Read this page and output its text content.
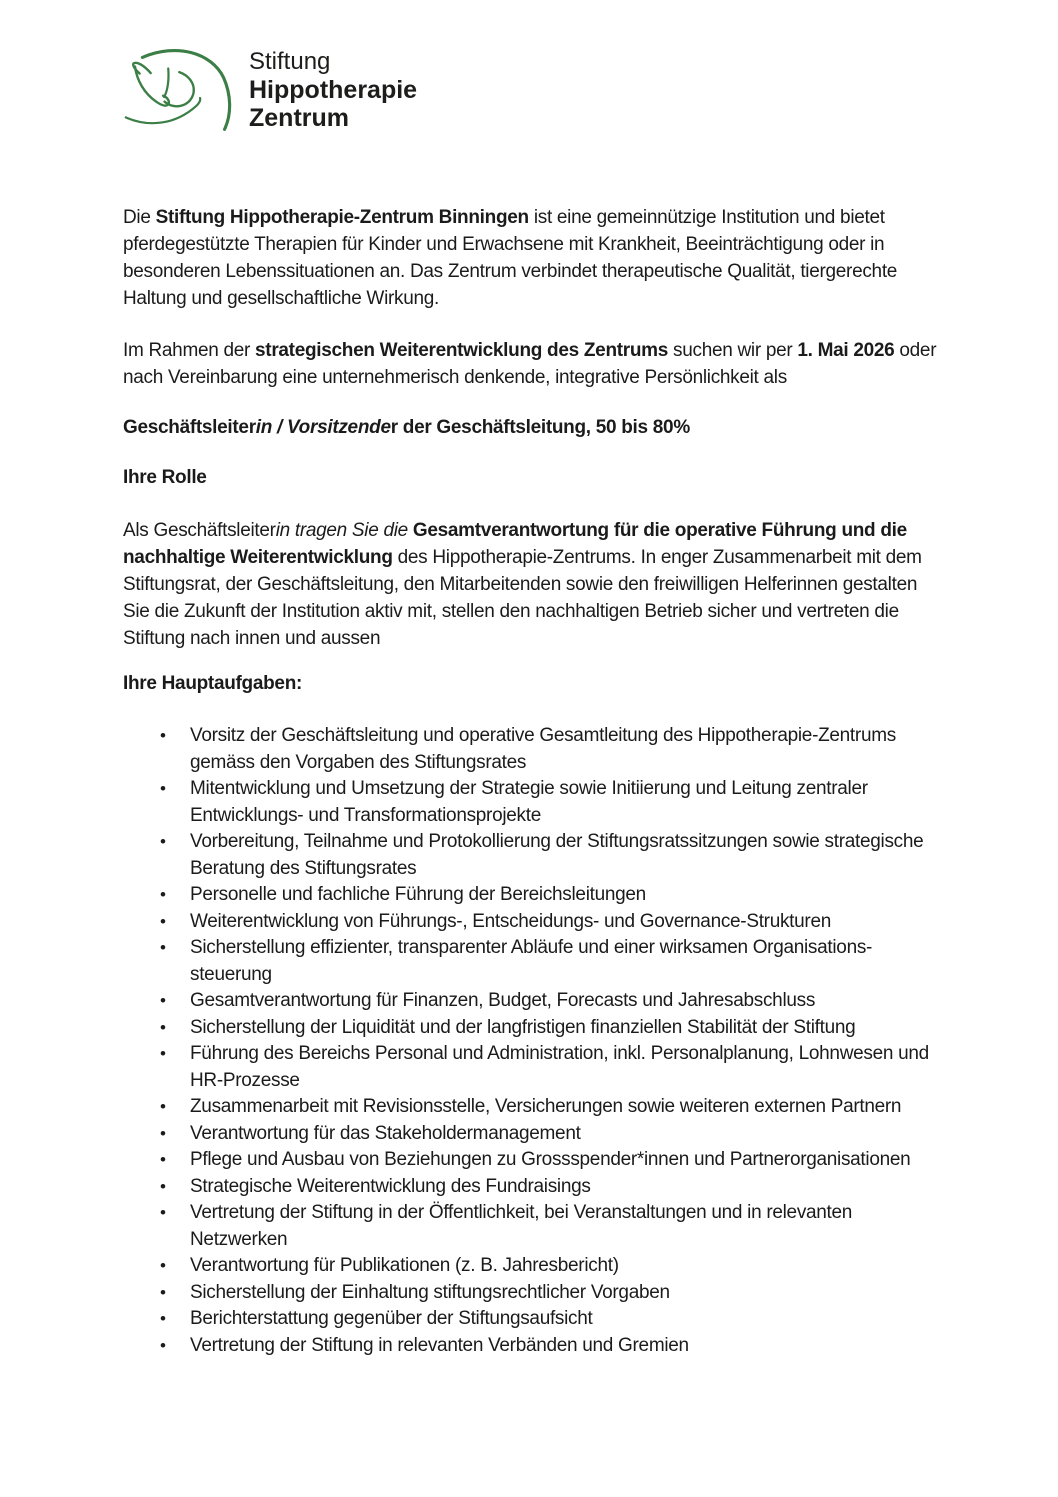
Stiftung
Hippotherapie
Zentrum

Die Stiftung Hippotherapie-Zentrum Binningen ist eine gemeinnützige Institution und bietet pferdegestützte Therapien für Kinder und Erwachsene mit Krankheit, Beeinträchtigung oder in besonderen Lebenssituationen an. Das Zentrum verbindet therapeutische Qualität, tiergerechte Haltung und gesellschaftliche Wirkung.

Im Rahmen der strategischen Weiterentwicklung des Zentrums suchen wir per 1. Mai 2026 oder nach Vereinbarung eine unternehmerisch denkende, integrative Persönlichkeit als

Geschäftsleiterin / Vorsitzender der Geschäftsleitung, 50 bis 80%

Ihre Rolle

Als Geschäftsleiterin tragen Sie die Gesamtverantwortung für die operative Führung und die nachhaltige Weiterentwicklung des Hippotherapie-Zentrums. In enger Zusammenarbeit mit dem Stiftungsrat, der Geschäftsleitung, den Mitarbeitenden sowie den freiwilligen Helferinnen gestalten Sie die Zukunft der Institution aktiv mit, stellen den nachhaltigen Betrieb sicher und vertreten die Stiftung nach innen und aussen

Ihre Hauptaufgaben:
•	Vorsitz der Geschäftsleitung und operative Gesamtleitung des Hippotherapie-Zentrums gemäss den Vorgaben des Stiftungsrates
•	Mitentwicklung und Umsetzung der Strategie sowie Initiierung und Leitung zentraler Entwicklungs- und Transformationsprojekte
•	Vorbereitung, Teilnahme und Protokollierung der Stiftungsratssitzungen sowie strategische Beratung des Stiftungsrates
•	Personelle und fachliche Führung der Bereichsleitungen
•	Weiterentwicklung von Führungs-, Entscheidungs- und Governance-Strukturen
•	Sicherstellung effizienter, transparenter Abläufe und einer wirksamen Organisationssteuerung
•	Gesamtverantwortung für Finanzen, Budget, Forecasts und Jahresabschluss
•	Sicherstellung der Liquidität und der langfristigen finanziellen Stabilität der Stiftung
•	Führung des Bereichs Personal und Administration, inkl. Personalplanung, Lohnwesen und HR-Prozesse
•	Zusammenarbeit mit Revisionsstelle, Versicherungen sowie weiteren externen Partnern
•	Verantwortung für das Stakeholdermanagement
•	Pflege und Ausbau von Beziehungen zu Grossspender*innen und Partnerorganisationen
•	Strategische Weiterentwicklung des Fundraisings
•	Vertretung der Stiftung in der Öffentlichkeit, bei Veranstaltungen und in relevanten Netzwerken
•	Verantwortung für Publikationen (z. B. Jahresbericht)
•	Sicherstellung der Einhaltung stiftungsrechtlicher Vorgaben
•	Berichterstattung gegenüber der Stiftungsaufsicht
•	Vertretung der Stiftung in relevanten Verbänden und Gremien
